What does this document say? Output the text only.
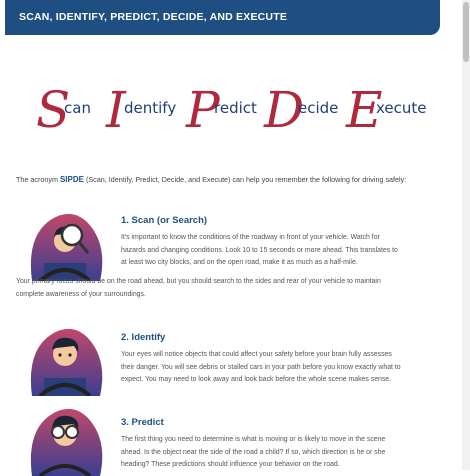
SCAN, IDENTIFY, PREDICT, DECIDE, AND EXECUTE
S
can I
dentify P
redict D
ecide E
xecute
The acronym SIPDE (Scan, Identify, Predict, Decide, and Execute) can help you remember the following for driving safely:
1. Scan (or Search)
It's important to know the conditions of the roadway in front of your vehicle. Watch for
hazards and changing conditions. Look 10 to 15 seconds or more ahead. This translates to
at least two city blocks, and on the open road, make it as much as a half-mile.
Your primary focus should be on the road ahead, but you should search to the sides and rear of your vehicle to maintain
complete awareness of your surroundings.
2. Identify
Your eyes will notice objects that could affect your safety before your brain fully assesses
their danger. You will see debris or stalled cars in your path before you know exactly what to
expect. You may need to look away and look back before the whole scene makes sense.
3. Predict
The first thing you need to determine is what is moving or is likely to move in the scene
ahead. Is the object near the side of the road a child? If so, which direction is he or she
heading? These predictions should influence your behavior on the road.
